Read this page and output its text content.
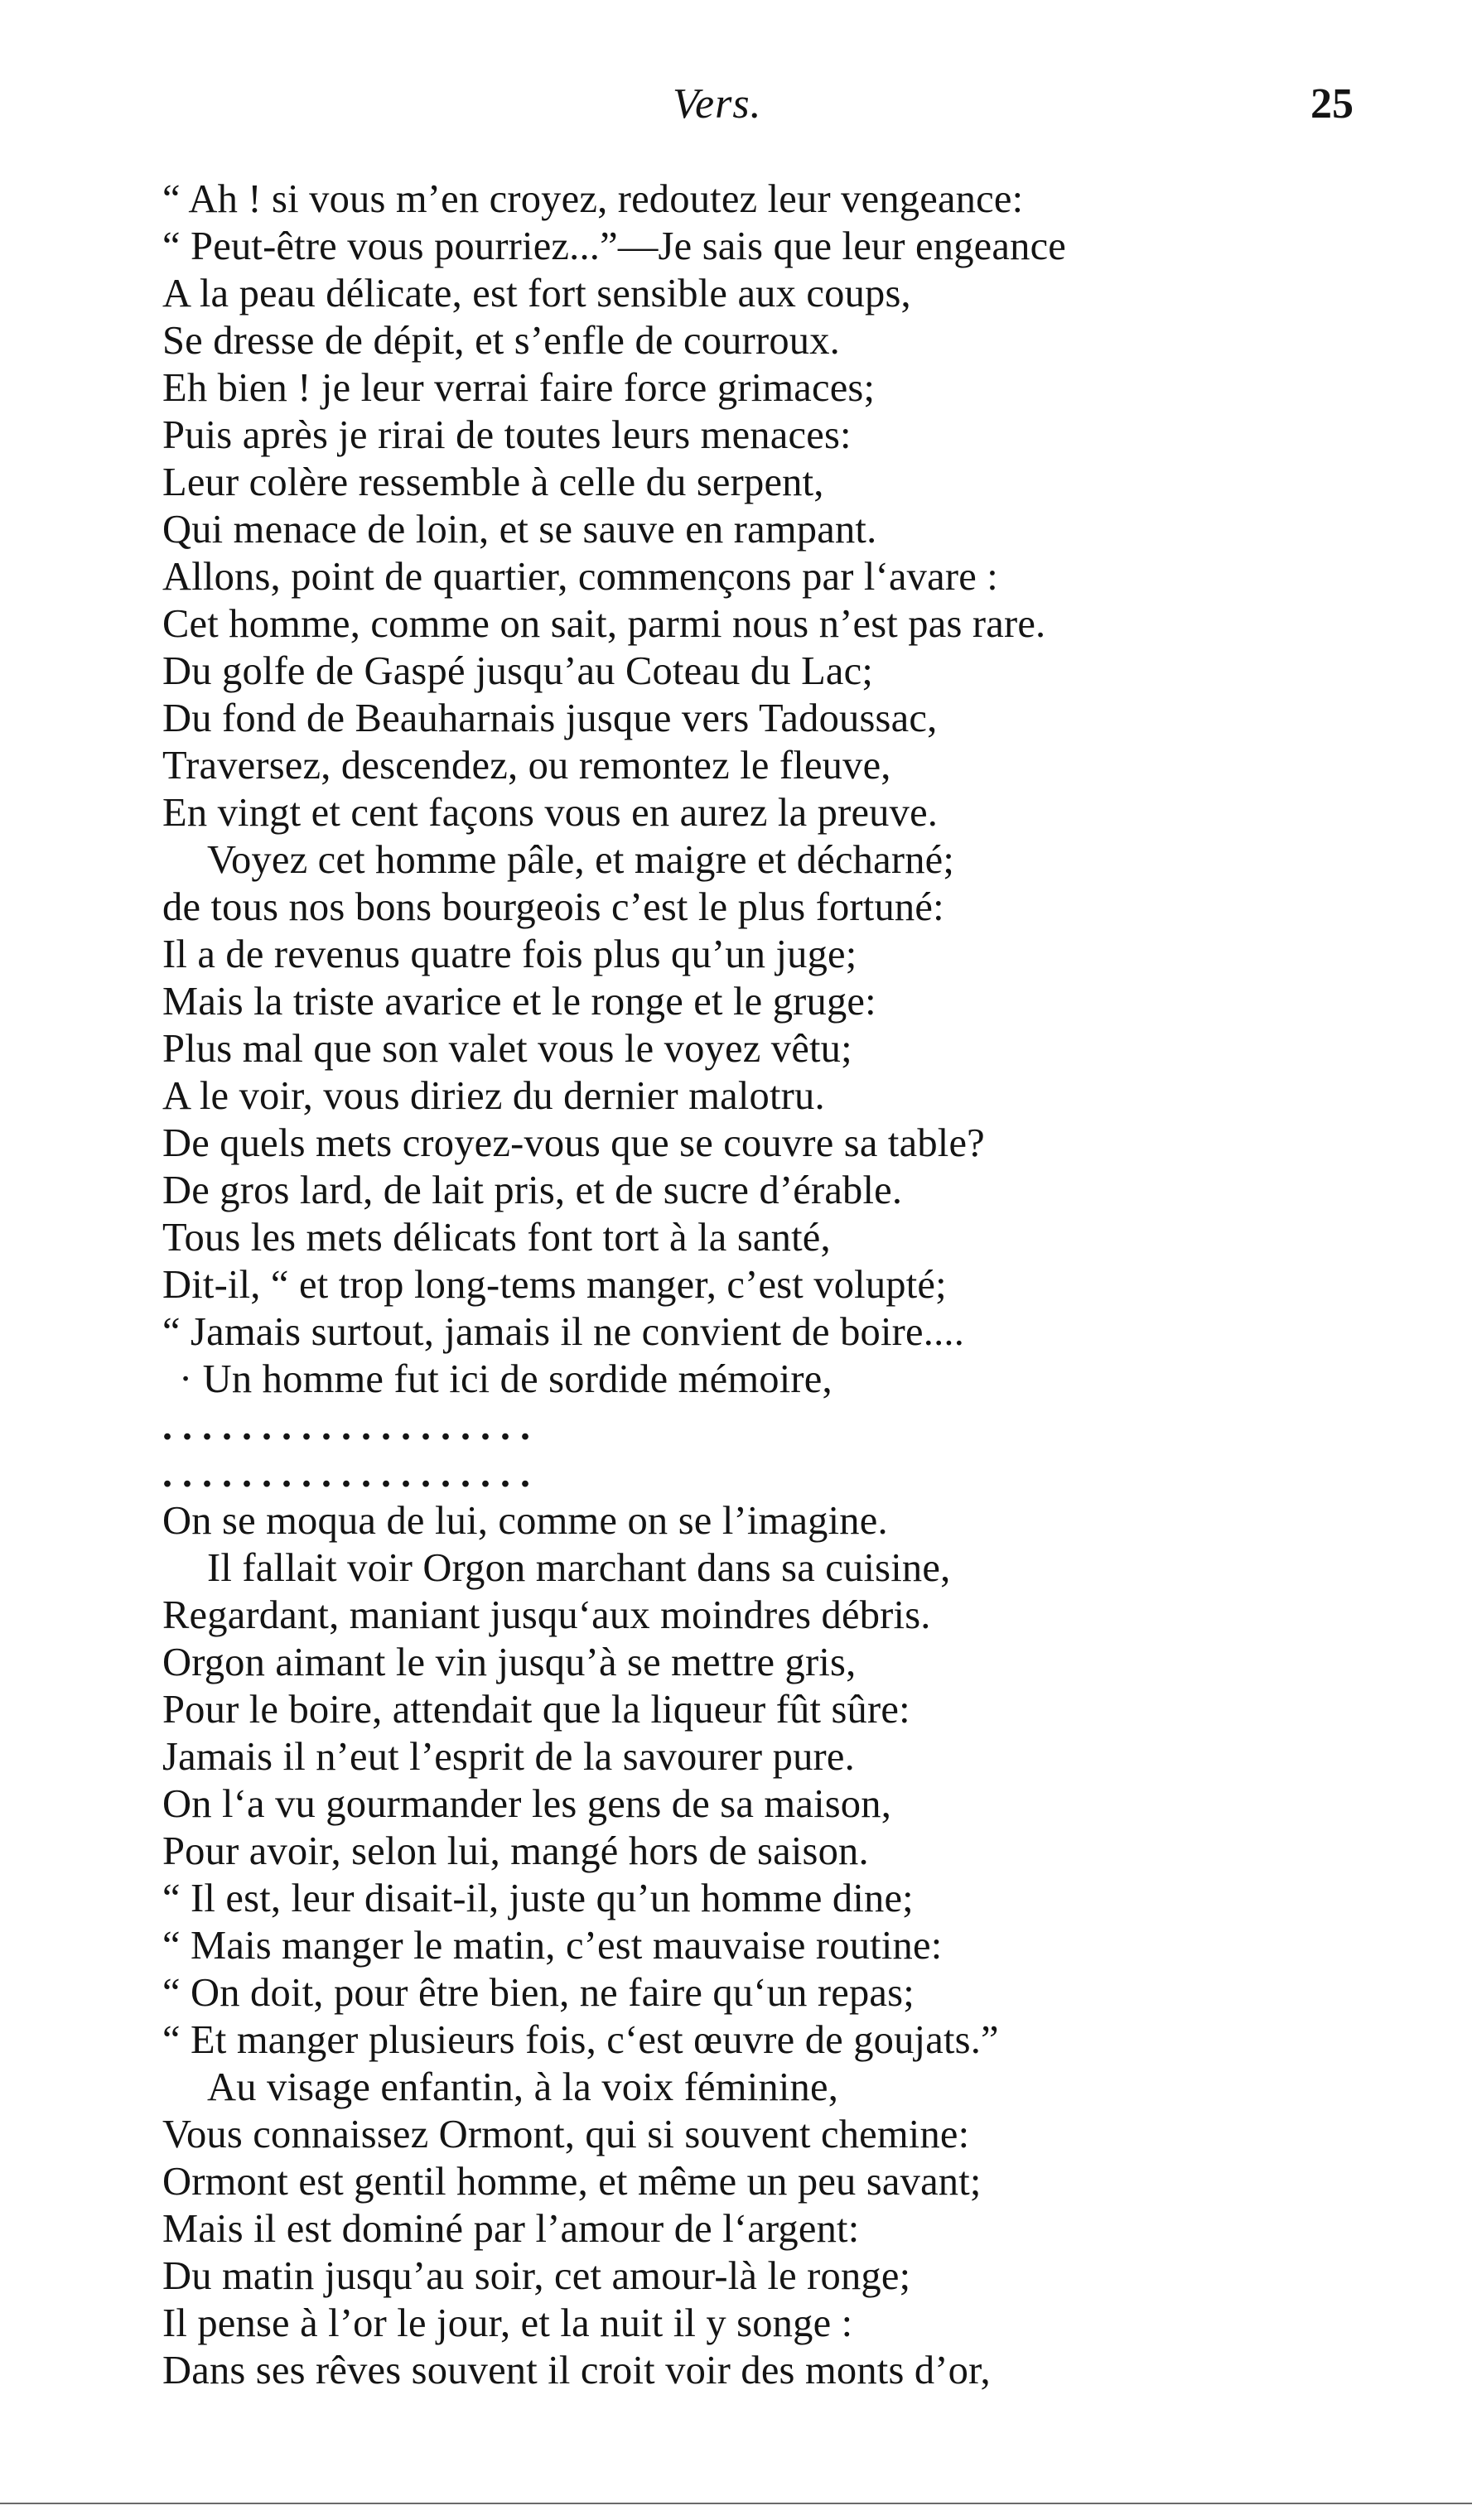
Vers.	25
“ Ah ! si vous m’en croyez, redoutez leur vengeance:
“ Peut-être vous pourriez...”—Je sais que leur engeance
A la peau délicate, est fort sensible aux coups,
Se dresse de dépit, et s’enfle de courroux.
Eh bien ! je leur verrai faire force grimaces;
Puis après je rirai de toutes leurs menaces:
Leur colère ressemble à celle du serpent,
Qui menace de loin, et se sauve en rampant.
Allons, point de quartier, commençons par l‘avare :
Cet homme, comme on sait, parmi nous n’est pas rare.
Du golfe de Gaspé jusqu’au Coteau du Lac;
Du fond de Beauharnais jusque vers Tadoussac,
Traversez, descendez, ou remontez le fleuve,
En vingt et cent façons vous en aurez la preuve.
Voyez cet homme pâle, et maigre et décharné;
de tous nos bons bourgeois c’est le plus fortuné:
Il a de revenus quatre fois plus qu’un juge;
Mais la triste avarice et le ronge et le gruge:
Plus mal que son valet vous le voyez vêtu;
A le voir, vous diriez du dernier malotru.
De quels mets croyez-vous que se couvre sa table?
De gros lard, de lait pris, et de sucre d’érable.
Tous les mets délicats font tort à la santé,
Dit-il, “ et trop long-tems manger, c’est volupté;
“ Jamais surtout, jamais il ne convient de boire....
· Un homme fut ici de sordide mémoire,
. . . . . . . . . . . . . . . . . . .
. . . . . . . . . . . . . . . . . . .
On se moqua de lui, comme on se l’imagine.
Il fallait voir Orgon marchant dans sa cuisine,
Regardant, maniant jusqu‘aux moindres débris.
Orgon aimant le vin jusqu’à se mettre gris,
Pour le boire, attendait que la liqueur fût sûre:
Jamais il n’eut l’esprit de la savourer pure.
On l‘a vu gourmander les gens de sa maison,
Pour avoir, selon lui, mangé hors de saison.
“ Il est, leur disait-il, juste qu’un homme dine;
“ Mais manger le matin, c’est mauvaise routine:
“ On doit, pour être bien, ne faire qu‘un repas;
“ Et manger plusieurs fois, c‘est œuvre de goujats.”
Au visage enfantin, à la voix féminine,
Vous connaissez Ormont, qui si souvent chemine:
Ormont est gentil homme, et même un peu savant;
Mais il est dominé par l’amour de l‘argent:
Du matin jusqu’au soir, cet amour-là le ronge;
Il pense à l’or le jour, et la nuit il y songe :
Dans ses rêves souvent il croit voir des monts d’or,
